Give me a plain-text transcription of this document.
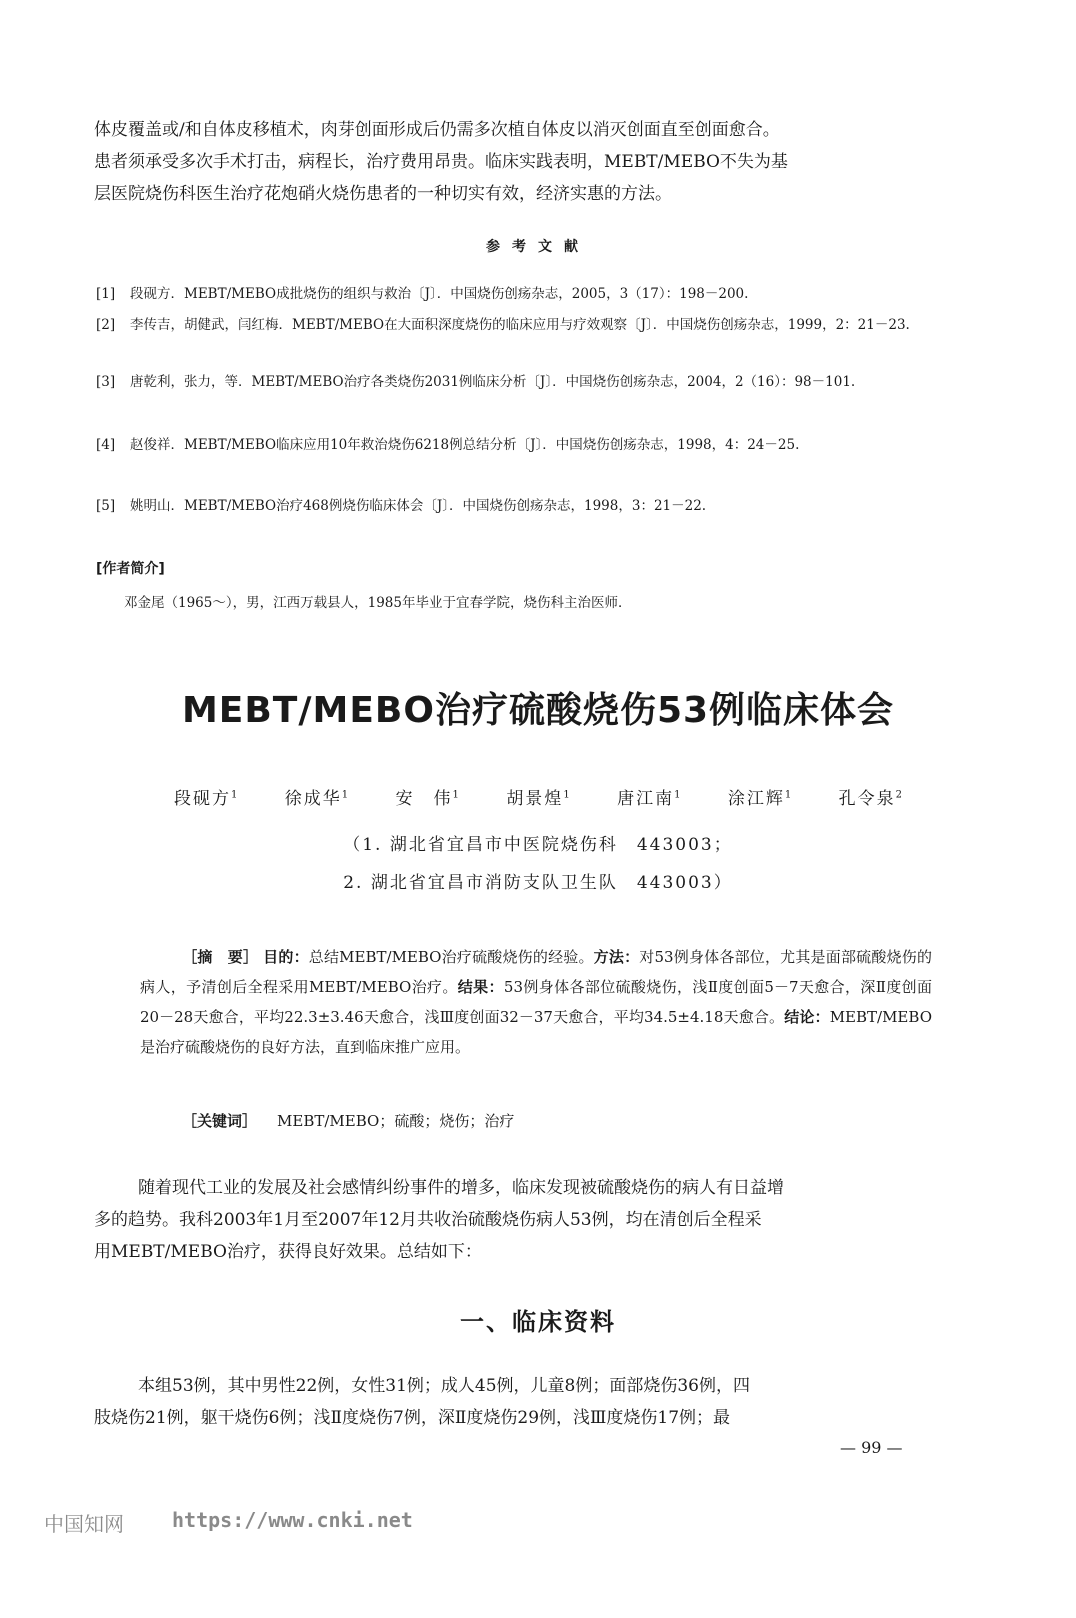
体皮覆盖或/和自体皮移植术，肉芽创面形成后仍需多次植自体皮以消灭创面直至创面愈合。
患者须承受多次手术打击，病程长，治疗费用昂贵。临床实践表明，MEBT/MEBO不失为基
层医院烧伤科医生治疗花炮硝火烧伤患者的一种切实有效，经济实惠的方法。
参考文献
[1]	段砚方．MEBT/MEBO成批烧伤的组织与救治〔J〕．中国烧伤创疡杂志，2005，3（17）：198－200.
[2]	李传吉，胡健武，闫红梅．MEBT/MEBO在大面积深度烧伤的临床应用与疗效观察〔J〕．中国烧伤创疡杂志，1999，2：21－23.
[3]	唐乾利，张力，等．MEBT/MEBO治疗各类烧伤2031例临床分析〔J〕．中国烧伤创疡杂志，2004，2（16）：98－101.
[4]	赵俊祥．MEBT/MEBO临床应用10年救治烧伤6218例总结分析〔J〕．中国烧伤创疡杂志，1998，4：24－25.
[5]	姚明山．MEBT/MEBO治疗468例烧伤临床体会〔J〕．中国烧伤创疡杂志，1998，3：21－22.
[作者简介]
邓金尾（1965～），男，江西万载县人，1985年毕业于宜春学院，烧伤科主治医师．
MEBT/MEBO治疗硫酸烧伤53例临床体会
段砚方$^1$	徐成华$^1$	安　伟$^1$	胡景煌$^1$	唐江南$^1$	涂江辉$^1$	孔令泉$^2$
（1. 湖北省宜昌市中医院烧伤科　443003；
2. 湖北省宜昌市消防支队卫生队　443003）
［摘　要］ 目的：总结MEBT/MEBO治疗硫酸烧伤的经验。方法：对53例身体各部位，尤其是面部硫酸烧伤的病人，予清创后全程采用MEBT/MEBO治疗。结果：53例身体各部位硫酸烧伤，浅Ⅱ度创面5－7天愈合，深Ⅱ度创面20－28天愈合，平均22.3±3.46天愈合，浅Ⅲ度创面32－37天愈合，平均34.5±4.18天愈合。结论：MEBT/MEBO是治疗硫酸烧伤的良好方法，直到临床推广应用。
［关键词］ MEBT/MEBO；硫酸；烧伤；治疗
随着现代工业的发展及社会感情纠纷事件的增多，临床发现被硫酸烧伤的病人有日益增
多的趋势。我科2003年1月至2007年12月共收治硫酸烧伤病人53例，均在清创后全程采
用MEBT/MEBO治疗，获得良好效果。总结如下：
一、临床资料
本组53例，其中男性22例，女性31例；成人45例，儿童8例；面部烧伤36例，四
肢烧伤21例，躯干烧伤6例；浅Ⅱ度烧伤7例，深Ⅱ度烧伤29例，浅Ⅲ度烧伤17例；最
— 99 —
中国知网 https://www.cnki.net
